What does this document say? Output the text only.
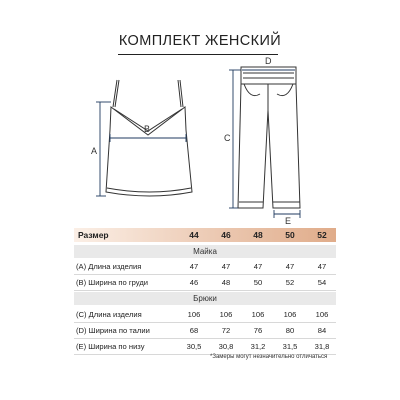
КОМПЛЕКТ ЖЕНСКИЙ
A
B
C
D
E
Размер	44	46	48	50	52
Майка
(A) Длина изделия	47	47	47	47	47
(B) Ширина по груди	46	48	50	52	54
Брюки
(C) Длина изделия	106	106	106	106	106
(D) Ширина по талии	68	72	76	80	84
(E) Ширина по низу	30,5	30,8	31,2	31,5	31,8
*Замеры могут незначительно отличаться
